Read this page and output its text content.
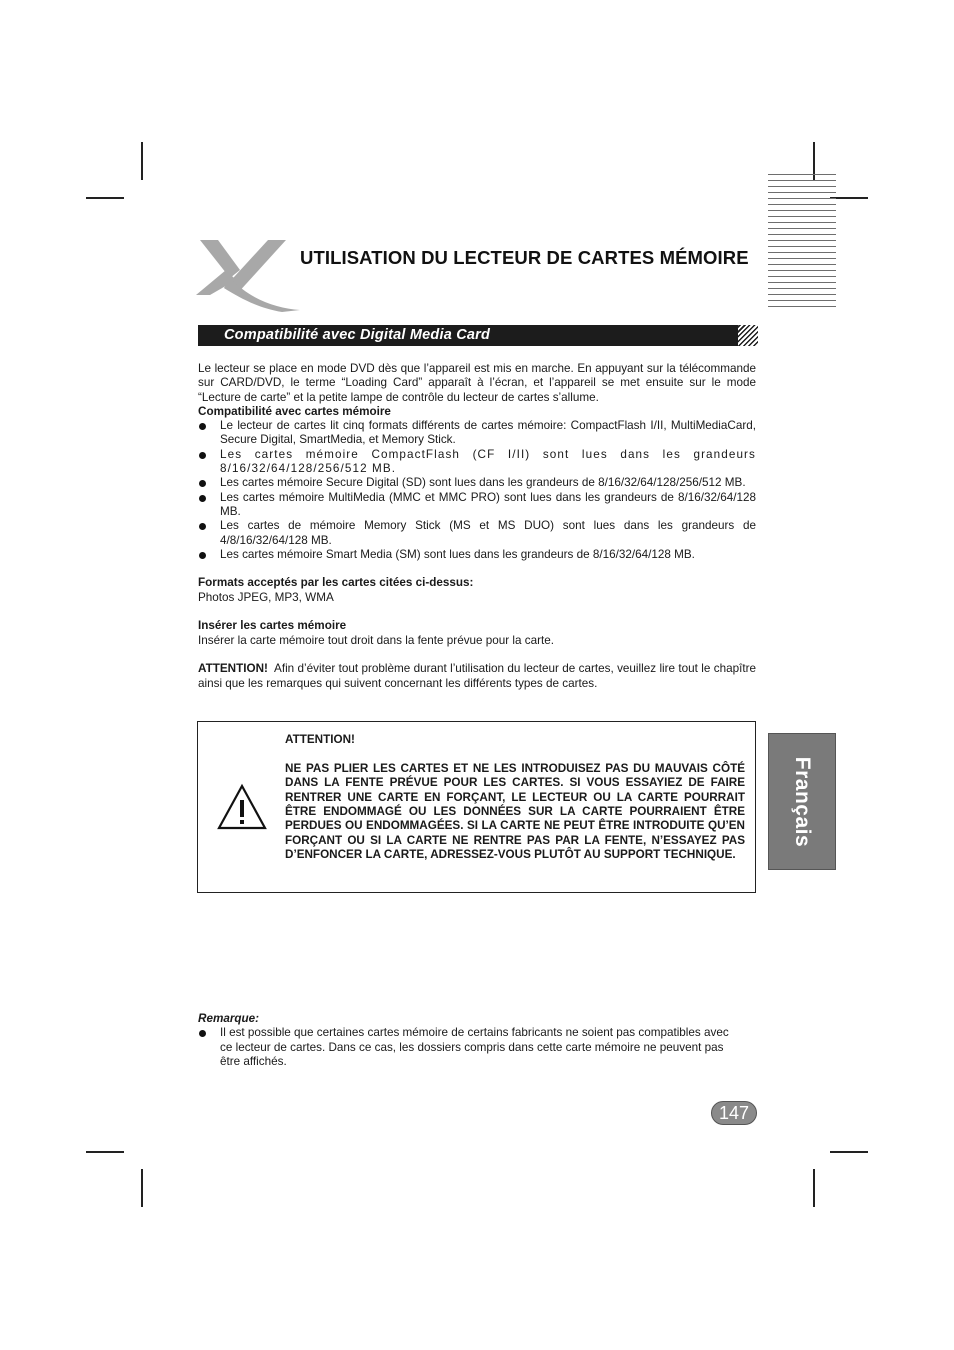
UTILISATION DU LECTEUR DE CARTES MÉMOIRE
Compatibilité avec Digital Media Card

Le lecteur se place en mode DVD dès que l’appareil est mis en marche. En appuyant sur la télécommande sur CARD/DVD, le terme “Loading Card” apparaît à l’écran, et l’appareil se met ensuite sur le mode “Lecture de carte” et la petite lampe de contrôle du lecteur de cartes s’allume.

Compatibilité avec cartes mémoire
Le lecteur de cartes lit cinq formats différents de cartes mémoire: CompactFlash I/II, MultiMediaCard, Secure Digital, SmartMedia, et Memory Stick.
Les cartes mémoire CompactFlash (CF I/II) sont lues dans les grandeurs 8/16/32/64/128/256/512 MB.
Les cartes mémoire Secure Digital (SD) sont lues dans les grandeurs de 8/16/32/64/128/256/512 MB.
Les cartes mémoire MultiMedia (MMC et MMC PRO) sont lues dans les grandeurs de 8/16/32/64/128 MB.
Les cartes de mémoire Memory Stick (MS et MS DUO) sont lues dans les grandeurs de 4/8/16/32/64/128 MB.
Les cartes mémoire Smart Media (SM) sont lues dans les grandeurs de 8/16/32/64/128 MB.
Formats acceptés par les cartes citées ci-dessus:
Photos JPEG, MP3, WMA
Insérer les cartes mémoire
Insérer la carte mémoire tout droit dans la fente prévue pour la carte.

ATTENTION! Afin d’éviter tout problème durant l’utilisation du lecteur de cartes, veuillez lire tout le chapître ainsi que les remarques qui suivent concernant les différents types de cartes.

ATTENTION!

NE PAS PLIER LES CARTES ET NE LES INTRODUISEZ PAS DU MAUVAIS CÔTÉ DANS LA FENTE PRÉVUE POUR LES CARTES. SI VOUS ESSAYIEZ DE FAIRE RENTRER UNE CARTE EN FORÇANT, LE LECTEUR OU LA CARTE POURRAIT ÊTRE ENDOMMAGÉ OU LES DONNÉES SUR LA CARTE POURRAIENT ÊTRE PERDUES OU ENDOMMAGÉES. SI LA CARTE NE PEUT ÊTRE INTRODUITE QU’EN FORÇANT OU SI LA CARTE NE RENTRE PAS PAR LA FENTE, N’ESSAYEZ PAS D’ENFONCER LA CARTE, ADRESSEZ-VOUS PLUTÔT AU SUPPORT TECHNIQUE.

Français
Remarque:
Il est possible que certaines cartes mémoire de certains fabricants ne soient pas compatibles avec ce lecteur de cartes. Dans ce cas, les dossiers compris dans cette carte mémoire ne peuvent pas être affichés.
147
